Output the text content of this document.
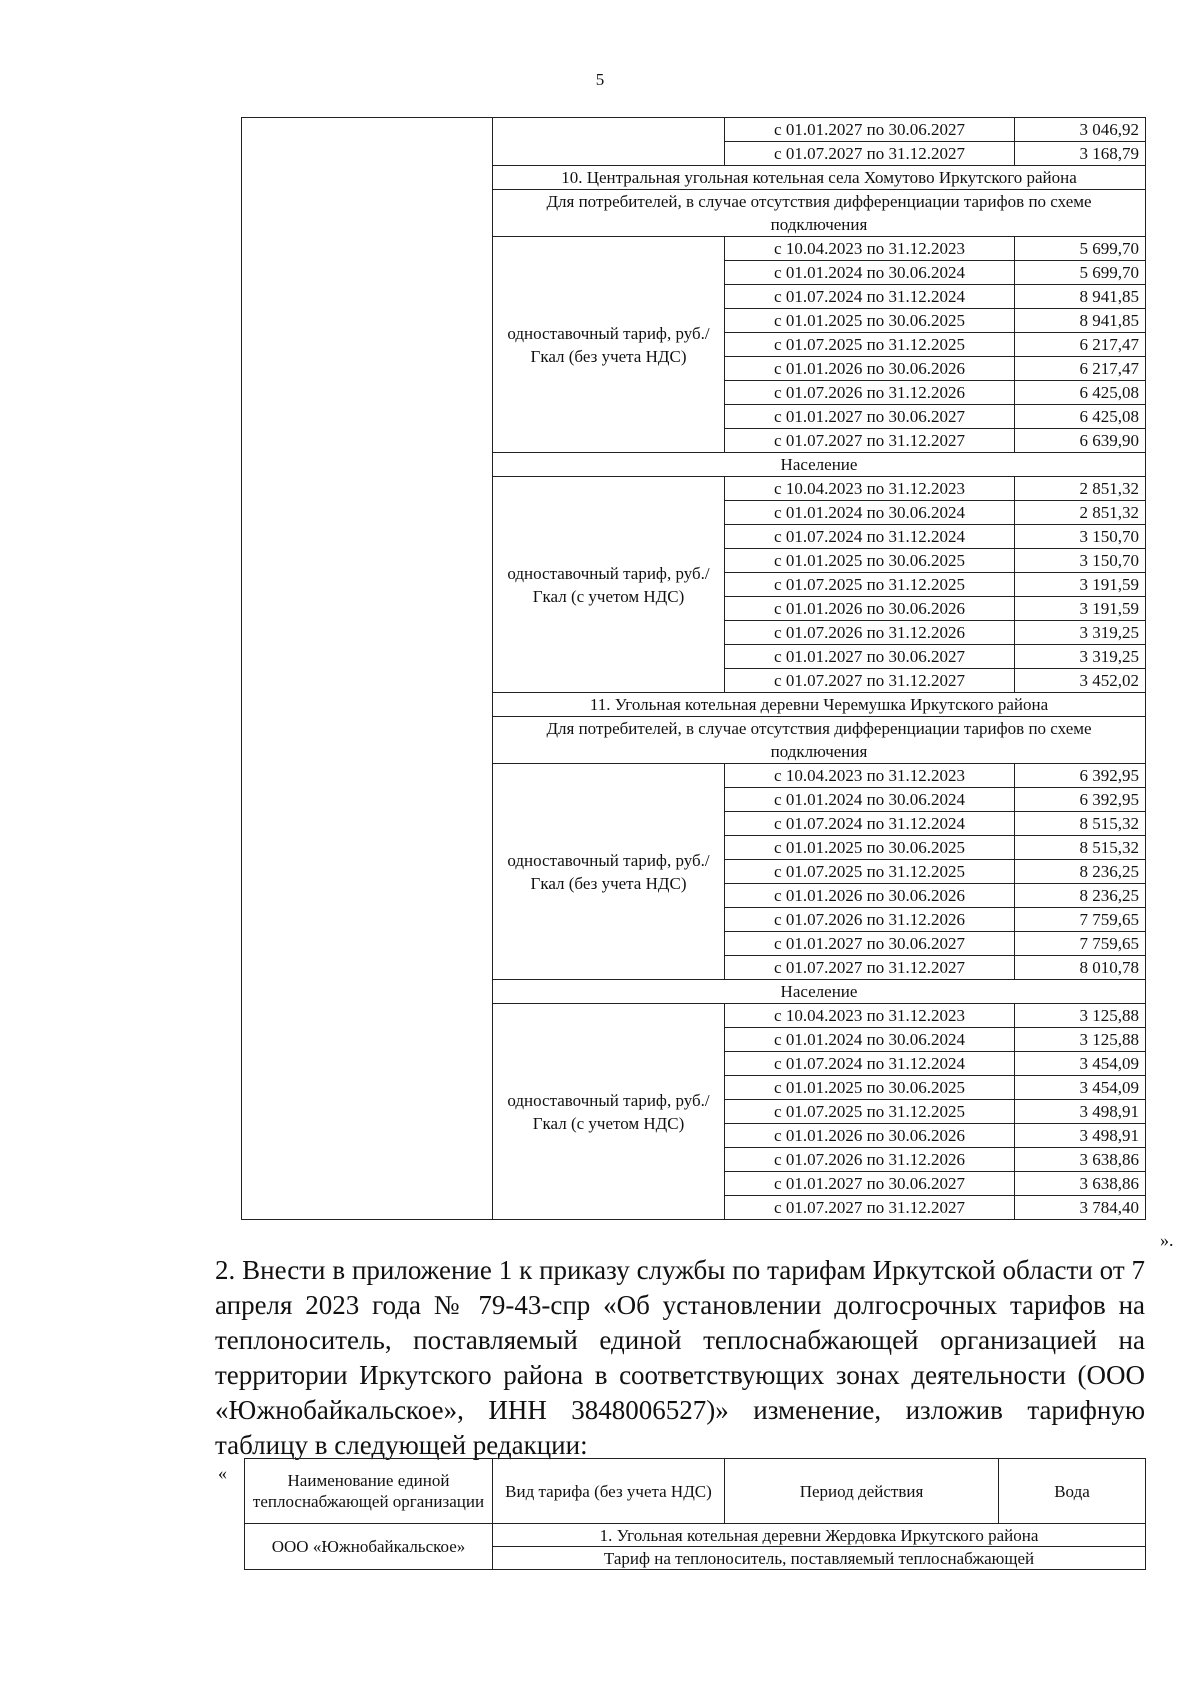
5
		с 01.01.2027 по 30.06.2027	3 046,92
		с 01.07.2027 по 31.12.2027	3 168,79
	10. Центральная угольная котельная села Хомутово Иркутского района		
	Для потребителей, в случае отсутствия дифференциации тарифов по схеме подключения		
	одноставочный тариф, руб./Гкал (без учета НДС)	с 10.04.2023 по 31.12.2023	5 699,70
		с 01.01.2024 по 30.06.2024	5 699,70
		с 01.07.2024 по 31.12.2024	8 941,85
		с 01.01.2025 по 30.06.2025	8 941,85
		с 01.07.2025 по 31.12.2025	6 217,47
		с 01.01.2026 по 30.06.2026	6 217,47
		с 01.07.2026 по 31.12.2026	6 425,08
		с 01.01.2027 по 30.06.2027	6 425,08
		с 01.07.2027 по 31.12.2027	6 639,90
	Население		
	одноставочный тариф, руб./Гкал (с учетом НДС)	с 10.04.2023 по 31.12.2023	2 851,32
		с 01.01.2024 по 30.06.2024	2 851,32
		с 01.07.2024 по 31.12.2024	3 150,70
		с 01.01.2025 по 30.06.2025	3 150,70
		с 01.07.2025 по 31.12.2025	3 191,59
		с 01.01.2026 по 30.06.2026	3 191,59
		с 01.07.2026 по 31.12.2026	3 319,25
		с 01.01.2027 по 30.06.2027	3 319,25
		с 01.07.2027 по 31.12.2027	3 452,02
	11. Угольная котельная деревни Черемушка Иркутского района		
	Для потребителей, в случае отсутствия дифференциации тарифов по схеме подключения		
	одноставочный тариф, руб./Гкал (без учета НДС)	с 10.04.2023 по 31.12.2023	6 392,95
		с 01.01.2024 по 30.06.2024	6 392,95
		с 01.07.2024 по 31.12.2024	8 515,32
		с 01.01.2025 по 30.06.2025	8 515,32
		с 01.07.2025 по 31.12.2025	8 236,25
		с 01.01.2026 по 30.06.2026	8 236,25
		с 01.07.2026 по 31.12.2026	7 759,65
		с 01.01.2027 по 30.06.2027	7 759,65
		с 01.07.2027 по 31.12.2027	8 010,78
	Население		
	одноставочный тариф, руб./Гкал (с учетом НДС)	с 10.04.2023 по 31.12.2023	3 125,88
		с 01.01.2024 по 30.06.2024	3 125,88
		с 01.07.2024 по 31.12.2024	3 454,09
		с 01.01.2025 по 30.06.2025	3 454,09
		с 01.07.2025 по 31.12.2025	3 498,91
		с 01.01.2026 по 30.06.2026	3 498,91
		с 01.07.2026 по 31.12.2026	3 638,86
		с 01.01.2027 по 30.06.2027	3 638,86
		с 01.07.2027 по 31.12.2027	3 784,40
».

2. Внести в приложение 1 к приказу службы по тарифам Иркутской области от 7 апреля 2023 года № 79-43-спр «Об установлении долгосрочных тарифов на теплоноситель, поставляемый единой теплоснабжающей организацией на территории Иркутского района в соответствующих зонах деятельности (ООО «Южнобайкальское», ИНН 3848006527)» изменение, изложив тарифную таблицу в следующей редакции:

«	Наименование единой теплоснабжающей организации	Вид тарифа (без учета НДС)	Период действия	Вода
ООО «Южнобайкальское»	1. Угольная котельная деревни Жердовка Иркутского района		
	Тариф на теплоноситель, поставляемый теплоснабжающей		
